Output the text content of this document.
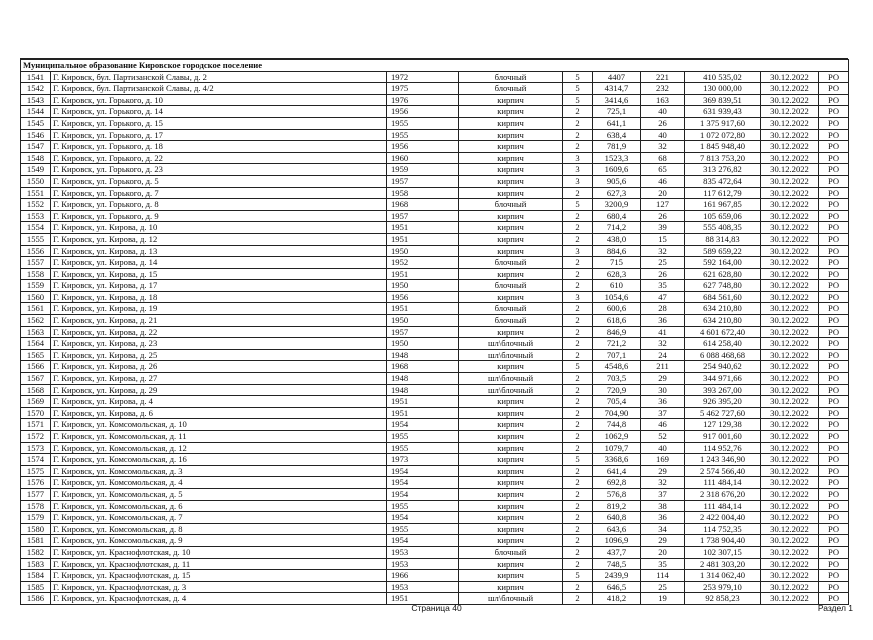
Муниципальное образование Кировское городское поселение									
1541	Г. Кировск, бул. Партизанской Славы, д. 2	1972	блочный	5	4407	221	410 535,02	30.12.2022	РО
1542	Г. Кировск, бул. Партизанской Славы, д. 4/2	1975	блочный	5	4314,7	232	130 000,00	30.12.2022	РО
1543	Г. Кировск, ул. Горького, д. 10	1976	кирпич	5	3414,6	163	369 839,51	30.12.2022	РО
1544	Г. Кировск, ул. Горького, д. 14	1956	кирпич	2	725,1	40	631 939,43	30.12.2022	РО
1545	Г. Кировск, ул. Горького, д. 15	1955	кирпич	2	641,1	26	1 375 917,60	30.12.2022	РО
1546	Г. Кировск, ул. Горького, д. 17	1955	кирпич	2	638,4	40	1 072 072,80	30.12.2022	РО
1547	Г. Кировск, ул. Горького, д. 18	1956	кирпич	2	781,9	32	1 845 948,40	30.12.2022	РО
1548	Г. Кировск, ул. Горького, д. 22	1960	кирпич	3	1523,3	68	7 813 753,20	30.12.2022	РО
1549	Г. Кировск, ул. Горького, д. 23	1959	кирпич	3	1609,6	65	313 276,82	30.12.2022	РО
1550	Г. Кировск, ул. Горького, д. 5	1957	кирпич	3	905,6	46	835 472,64	30.12.2022	РО
1551	Г. Кировск, ул. Горького, д. 7	1958	кирпич	2	627,3	20	117 612,79	30.12.2022	РО
1552	Г. Кировск, ул. Горького, д. 8	1968	блочный	5	3200,9	127	161 967,85	30.12.2022	РО
1553	Г. Кировск, ул. Горького, д. 9	1957	кирпич	2	680,4	26	105 659,06	30.12.2022	РО
1554	Г. Кировск, ул. Кирова, д. 10	1951	кирпич	2	714,2	39	555 408,35	30.12.2022	РО
1555	Г. Кировск, ул. Кирова, д. 12	1951	кирпич	2	438,0	15	88 314,83	30.12.2022	РО
1556	Г. Кировск, ул. Кирова, д. 13	1950	кирпич	3	884,6	32	589 659,22	30.12.2022	РО
1557	Г. Кировск, ул. Кирова, д. 14	1952	блочный	2	715	25	592 164,00	30.12.2022	РО
1558	Г. Кировск, ул. Кирова, д. 15	1951	кирпич	2	628,3	26	621 628,80	30.12.2022	РО
1559	Г. Кировск, ул. Кирова, д. 17	1950	блочный	2	610	35	627 748,80	30.12.2022	РО
1560	Г. Кировск, ул. Кирова, д. 18	1956	кирпич	3	1054,6	47	684 561,60	30.12.2022	РО
1561	Г. Кировск, ул. Кирова, д. 19	1951	блочный	2	600,6	28	634 210,80	30.12.2022	РО
1562	Г. Кировск, ул. Кирова, д. 21	1950	блочный	2	618,6	36	634 210,80	30.12.2022	РО
1563	Г. Кировск, ул. Кирова, д. 22	1957	кирпич	2	846,9	41	4 601 672,40	30.12.2022	РО
1564	Г. Кировск, ул. Кирова, д. 23	1950	шл\блочный	2	721,2	32	614 258,40	30.12.2022	РО
1565	Г. Кировск, ул. Кирова, д. 25	1948	шл\блочный	2	707,1	24	6 088 468,68	30.12.2022	РО
1566	Г. Кировск, ул. Кирова, д. 26	1968	кирпич	5	4548,6	211	254 940,62	30.12.2022	РО
1567	Г. Кировск, ул. Кирова, д. 27	1948	шл\блочный	2	703,5	29	344 971,66	30.12.2022	РО
1568	Г. Кировск, ул. Кирова, д. 29	1948	шл\блочный	2	720,9	30	393 267,00	30.12.2022	РО
1569	Г. Кировск, ул. Кирова, д. 4	1951	кирпич	2	705,4	36	926 395,20	30.12.2022	РО
1570	Г. Кировск, ул. Кирова, д. 6	1951	кирпич	2	704,90	37	5 462 727,60	30.12.2022	РО
1571	Г. Кировск, ул. Комсомольская, д. 10	1954	кирпич	2	744,8	46	127 129,38	30.12.2022	РО
1572	Г. Кировск, ул. Комсомольская, д. 11	1955	кирпич	2	1062,9	52	917 001,60	30.12.2022	РО
1573	Г. Кировск, ул. Комсомольская, д. 12	1955	кирпич	2	1079,7	40	114 952,76	30.12.2022	РО
1574	Г. Кировск, ул. Комсомольская, д. 16	1973	кирпич	5	3368,6	169	1 243 346,90	30.12.2022	РО
1575	Г. Кировск, ул. Комсомольская, д. 3	1954	кирпич	2	641,4	29	2 574 566,40	30.12.2022	РО
1576	Г. Кировск, ул. Комсомольская, д. 4	1954	кирпич	2	692,8	32	111 484,14	30.12.2022	РО
1577	Г. Кировск, ул. Комсомольская, д. 5	1954	кирпич	2	576,8	37	2 318 676,20	30.12.2022	РО
1578	Г. Кировск, ул. Комсомольская, д. 6	1955	кирпич	2	819,2	38	111 484,14	30.12.2022	РО
1579	Г. Кировск, ул. Комсомольская, д. 7	1954	кирпич	2	640,8	36	2 422 004,40	30.12.2022	РО
1580	Г. Кировск, ул. Комсомольская, д. 8	1955	кирпич	2	643,6	34	114 752,35	30.12.2022	РО
1581	Г. Кировск, ул. Комсомольская, д. 9	1954	кирпич	2	1096,9	29	1 738 904,40	30.12.2022	РО
1582	Г. Кировск, ул. Краснофлотская, д. 10	1953	блочный	2	437,7	20	102 307,15	30.12.2022	РО
1583	Г. Кировск, ул. Краснофлотская, д. 11	1953	кирпич	2	748,5	35	2 481 303,20	30.12.2022	РО
1584	Г. Кировск, ул. Краснофлотская, д. 15	1966	кирпич	5	2439,9	114	1 314 062,40	30.12.2022	РО
1585	Г. Кировск, ул. Краснофлотская, д. 3	1953	кирпич	2	646,5	25	253 979,10	30.12.2022	РО
1586	Г. Кировск, ул. Краснофлотская, д. 4	1951	шл\блочный	2	418,2	19	92 858,23	30.12.2022	РО
Страница 40	Раздел 1
